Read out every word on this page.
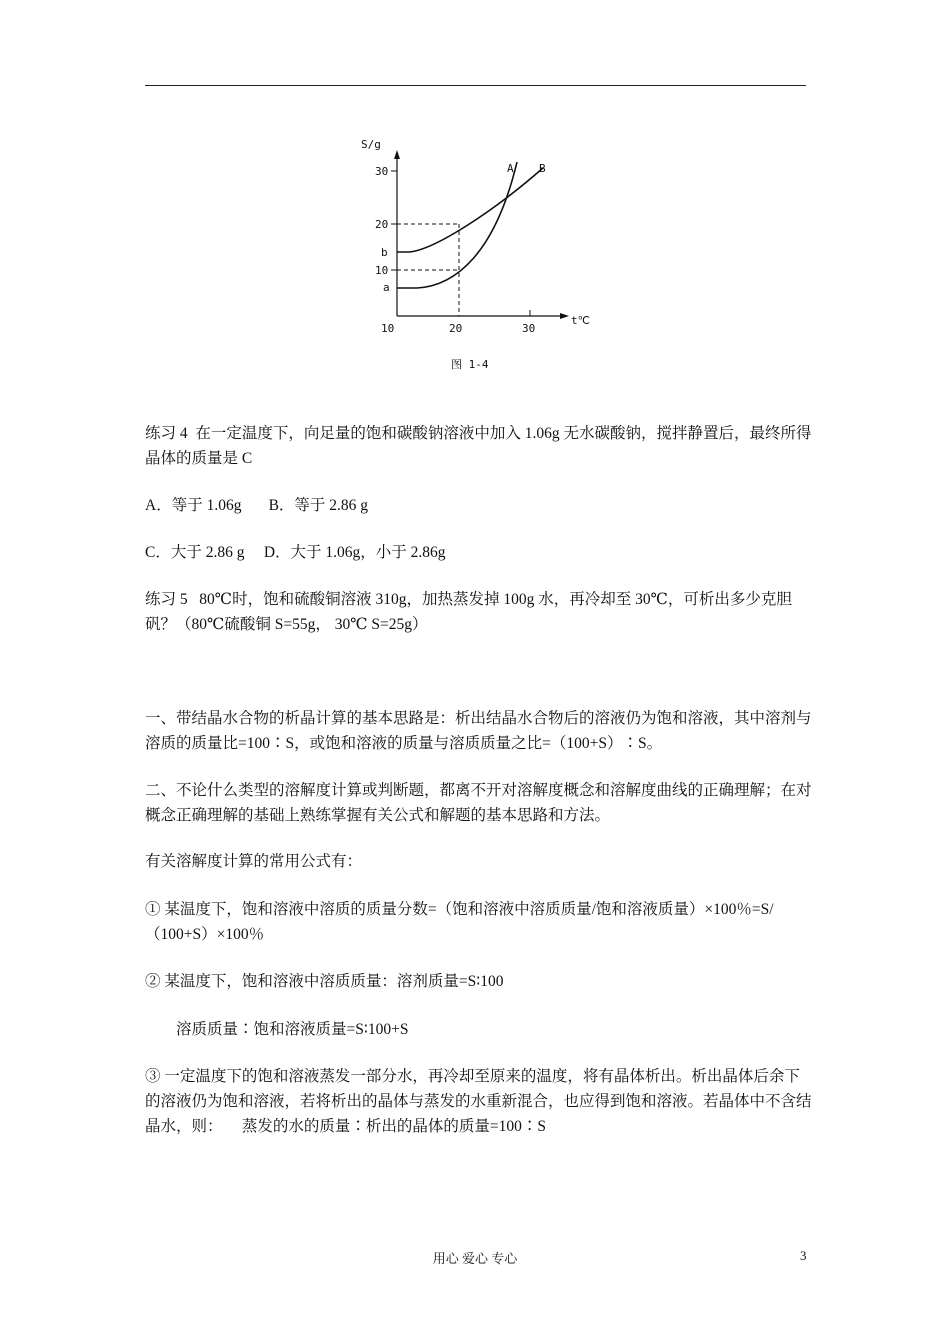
S/g
30
20
b
10
a
10	20	30
t℃
A B
图 1-4
练习 4  在一定温度下，向足量的饱和碳酸钠溶液中加入 1.06g 无水碳酸钠，搅拌静置后，最终所得晶体的质量是 C
A．等于 1.06g       B．等于 2.86 g
C．大于 2.86 g     D．大于 1.06g，小于 2.86g
练习 5   80℃时，饱和硫酸铜溶液 310g，加热蒸发掉 100g 水，再冷却至 30℃，可析出多少克胆矾？（80℃硫酸铜 S=55g， 30℃ S=25g）
一、带结晶水合物的析晶计算的基本思路是：析出结晶水合物后的溶液仍为饱和溶液，其中溶剂与溶质的质量比=100∶S，或饱和溶液的质量与溶质质量之比=（100+S）∶S。
二、不论什么类型的溶解度计算或判断题，都离不开对溶解度概念和溶解度曲线的正确理解；在对概念正确理解的基础上熟练掌握有关公式和解题的基本思路和方法。
有关溶解度计算的常用公式有：
① 某温度下，饱和溶液中溶质的质量分数=（饱和溶液中溶质质量/饱和溶液质量）×100％=S/（100+S）×100％
② 某温度下，饱和溶液中溶质质量：溶剂质量=S∶100
溶质质量∶饱和溶液质量=S∶100+S
③ 一定温度下的饱和溶液蒸发一部分水，再冷却至原来的温度，将有晶体析出。析出晶体后余下的溶液仍为饱和溶液，若将析出的晶体与蒸发的水重新混合，也应得到饱和溶液。若晶体中不含结晶水，则：     蒸发的水的质量∶析出的晶体的质量=100∶S
用心 爱心 专心	3
